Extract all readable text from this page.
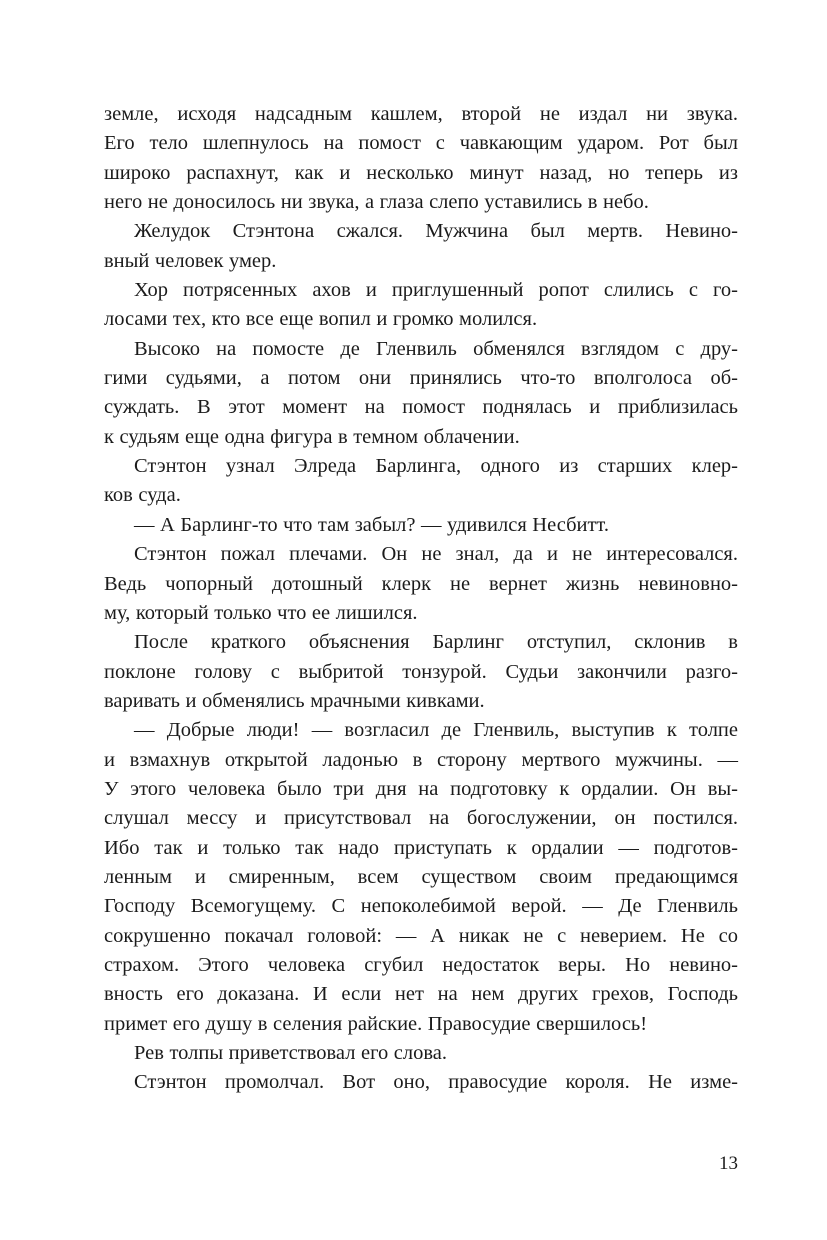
земле, исходя надсадным кашлем, второй не издал ни звука.
Его тело шлепнулось на помост с чавкающим ударом. Рот был
широко распахнут, как и несколько минут назад, но теперь из
него не доносилось ни звука, а глаза слепо уставились в небо.

Желудок Стэнтона сжался. Мужчина был мертв. Невино-
вный человек умер.

Хор потрясенных ахов и приглушенный ропот слились с го-
лосами тех, кто все еще вопил и громко молился.

Высоко на помосте де Гленвиль обменялся взглядом с дру-
гими судьями, а потом они принялись что-то вполголоса об-
суждать. В этот момент на помост поднялась и приблизилась
к судьям еще одна фигура в темном облачении.

Стэнтон узнал Элреда Барлинга, одного из старших клер-
ков суда.

— А Барлинг-то что там забыл? — удивился Несбитт.

Стэнтон пожал плечами. Он не знал, да и не интересовался.
Ведь чопорный дотошный клерк не вернет жизнь невиновно-
му, который только что ее лишился.

После краткого объяснения Барлинг отступил, склонив в
поклоне голову с выбритой тонзурой. Судьи закончили разго-
варивать и обменялись мрачными кивками.

— Добрые люди! — возгласил де Гленвиль, выступив к толпе
и взмахнув открытой ладонью в сторону мертвого мужчины. —
У этого человека было три дня на подготовку к ордалии. Он вы-
слушал мессу и присутствовал на богослужении, он постился.
Ибо так и только так надо приступать к ордалии — подготов-
ленным и смиренным, всем существом своим предающимся
Господу Всемогущему. С непоколебимой верой. — Де Гленвиль
сокрушенно покачал головой: — А никак не с неверием. Не со
страхом. Этого человека сгубил недостаток веры. Но невино-
вность его доказана. И если нет на нем других грехов, Господь
примет его душу в селения райские. Правосудие свершилось!

Рев толпы приветствовал его слова.

Стэнтон промолчал. Вот оно, правосудие короля. Не изме-

13
